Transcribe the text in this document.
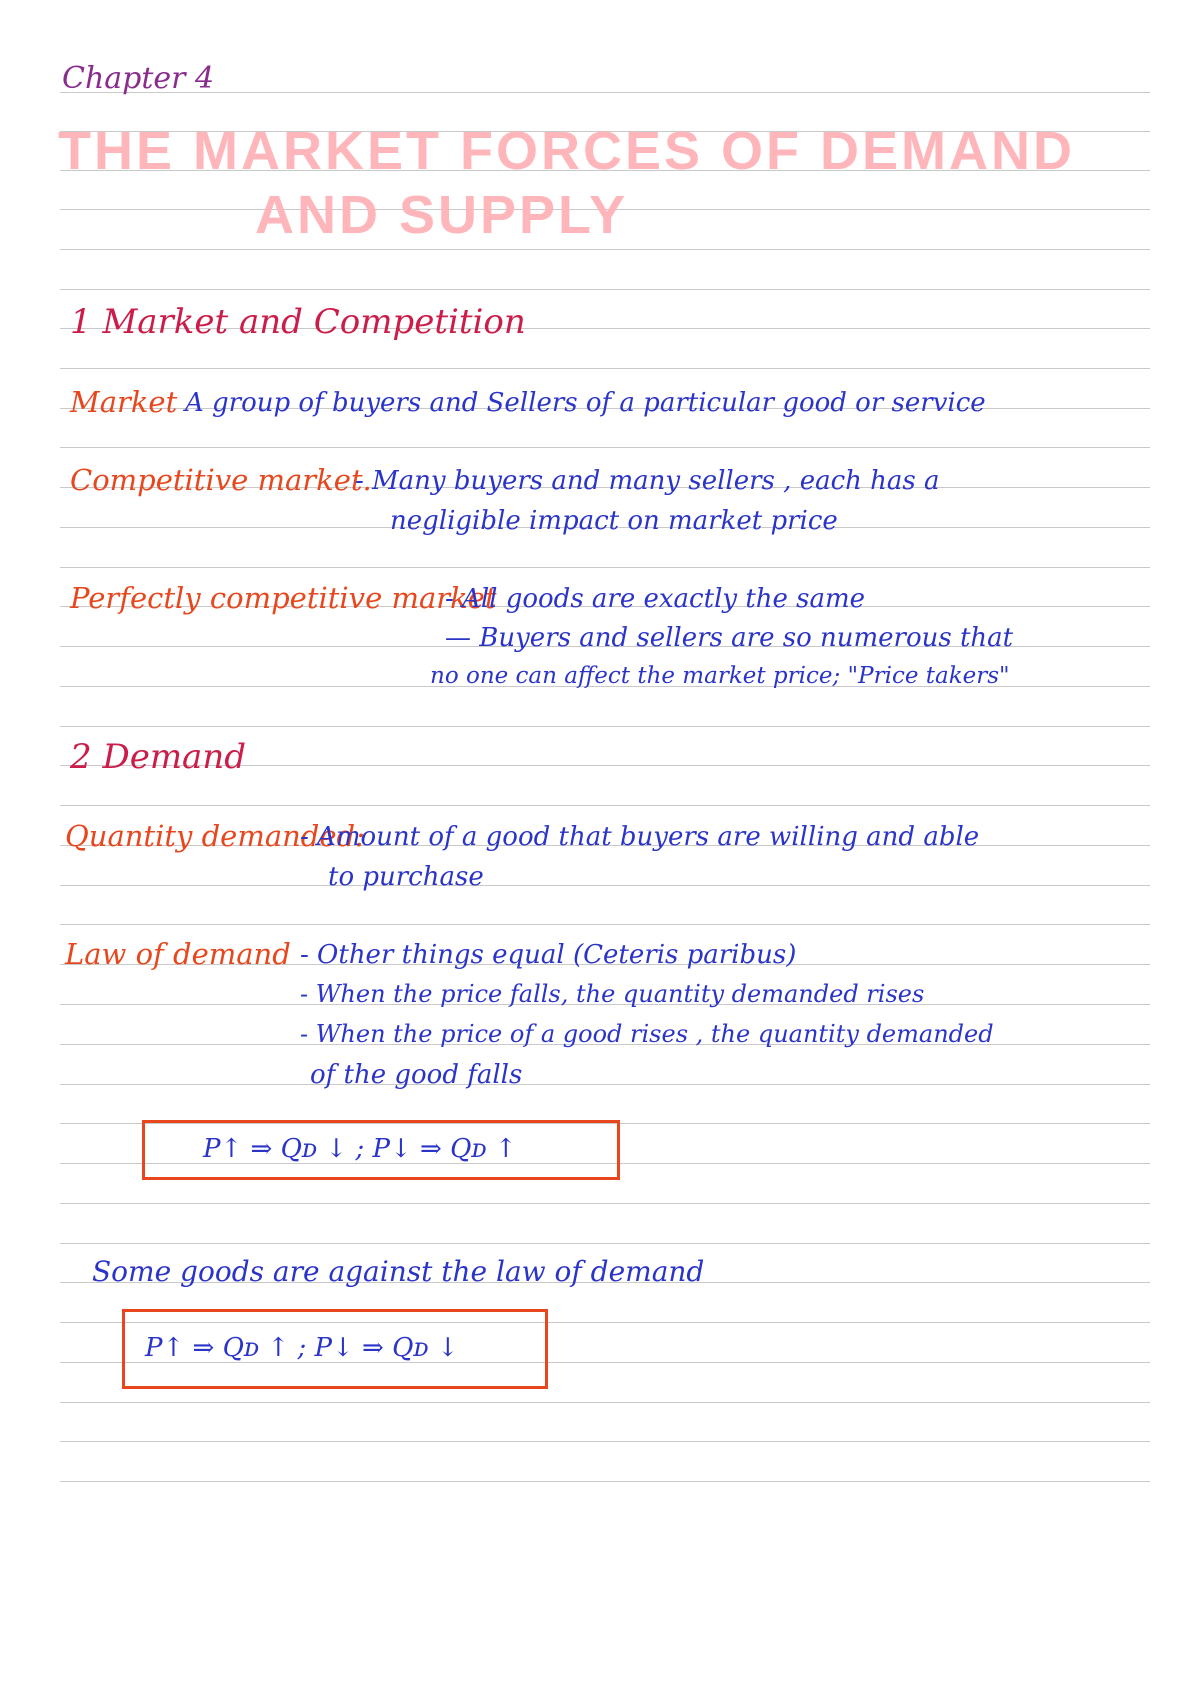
Chapter 4
THE MARKET FORCES OF DEMAND
AND SUPPLY
1 Market and Competition
Market A group of buyers and Sellers of a particular good or service
Competitive market.
- Many buyers and many sellers , each has a
negligible impact on market price
Perfectly competitive market
- All goods are exactly the same
— Buyers and sellers are so numerous that
no one can affect the market price; "Price takers"
2 Demand
Quantity demanded:
- Amount of a good that buyers are willing and able
to purchase
Law of demand - Other things equal (Ceteris paribus)
- When the price falls, the quantity demanded rises
- When the price of a good rises , the quantity demanded
of the good falls
P↑ ⇒ Qᴅ ↓ ; P↓ ⇒ Qᴅ ↑
Some goods are against the law of demand
P↑ ⇒ Qᴅ ↑ ; P↓ ⇒ Qᴅ ↓
